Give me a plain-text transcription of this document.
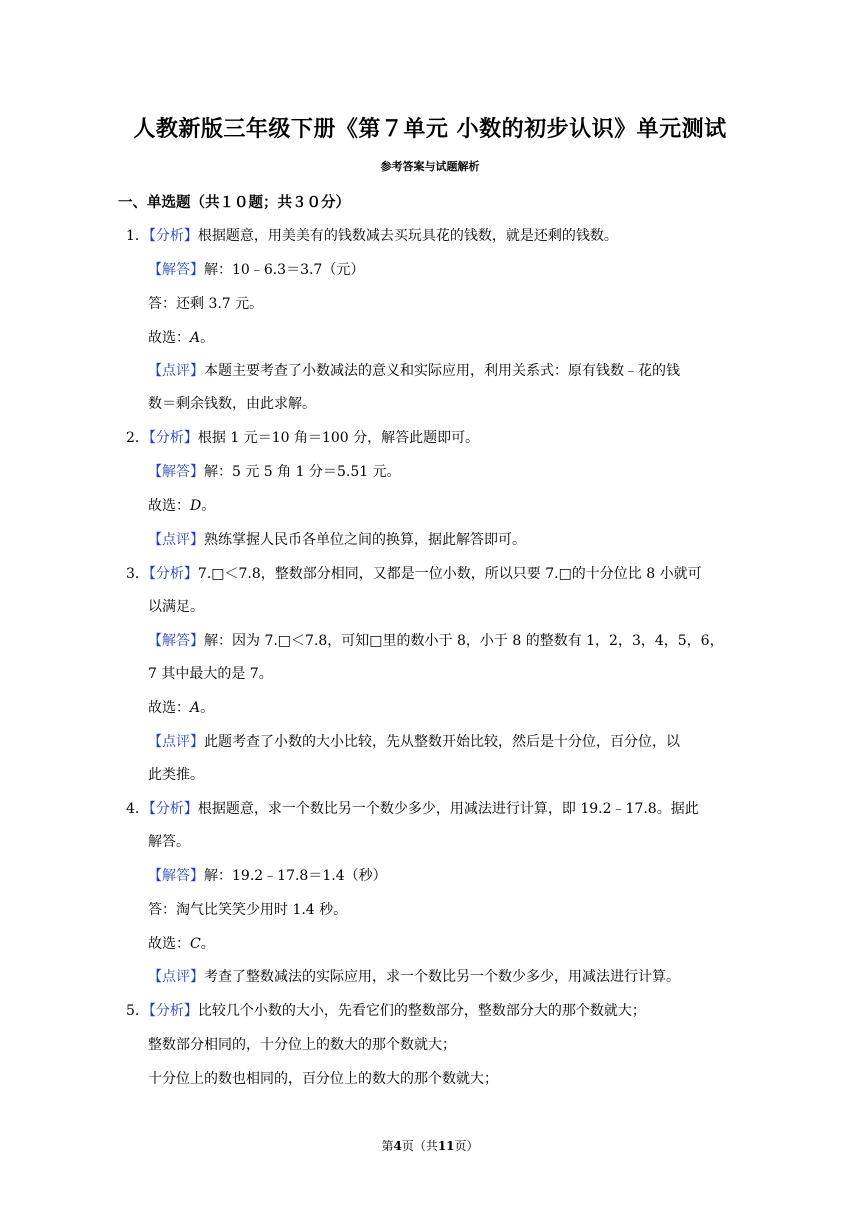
人教新版三年级下册《第７单元 小数的初步认识》单元测试
参考答案与试题解析
一、单选题（共１０题；共３０分）
1．【分析】根据题意，用美美有的钱数减去买玩具花的钱数，就是还剩的钱数。
【解答】解：10﹣6.3＝3.7（元）
答：还剩 3.7 元。
故选：A。
【点评】本题主要考查了小数减法的意义和实际应用，利用关系式：原有钱数﹣花的钱
数＝剩余钱数，由此求解。
2．【分析】根据 1 元＝10 角＝100 分，解答此题即可。
【解答】解：5 元 5 角 1 分＝5.51 元。
故选：D。
【点评】熟练掌握人民币各单位之间的换算，据此解答即可。
3．【分析】7.□＜7.8，整数部分相同，又都是一位小数，所以只要 7.□的十分位比 8 小就可
以满足。
【解答】解：因为 7.□＜7.8，可知□里的数小于 8，小于 8 的整数有 1，2，3，4，5，6，
7 其中最大的是 7。
故选：A。
【点评】此题考查了小数的大小比较，先从整数开始比较，然后是十分位，百分位，以
此类推。
4．【分析】根据题意，求一个数比另一个数少多少，用减法进行计算，即 19.2﹣17.8。据此
解答。
【解答】解：19.2﹣17.8＝1.4（秒）
答：淘气比笑笑少用时 1.4 秒。
故选：C。
【点评】考查了整数减法的实际应用，求一个数比另一个数少多少，用减法进行计算。
5．【分析】比较几个小数的大小，先看它们的整数部分，整数部分大的那个数就大；
整数部分相同的，十分位上的数大的那个数就大；
十分位上的数也相同的，百分位上的数大的那个数就大；
第4页（共11页）
